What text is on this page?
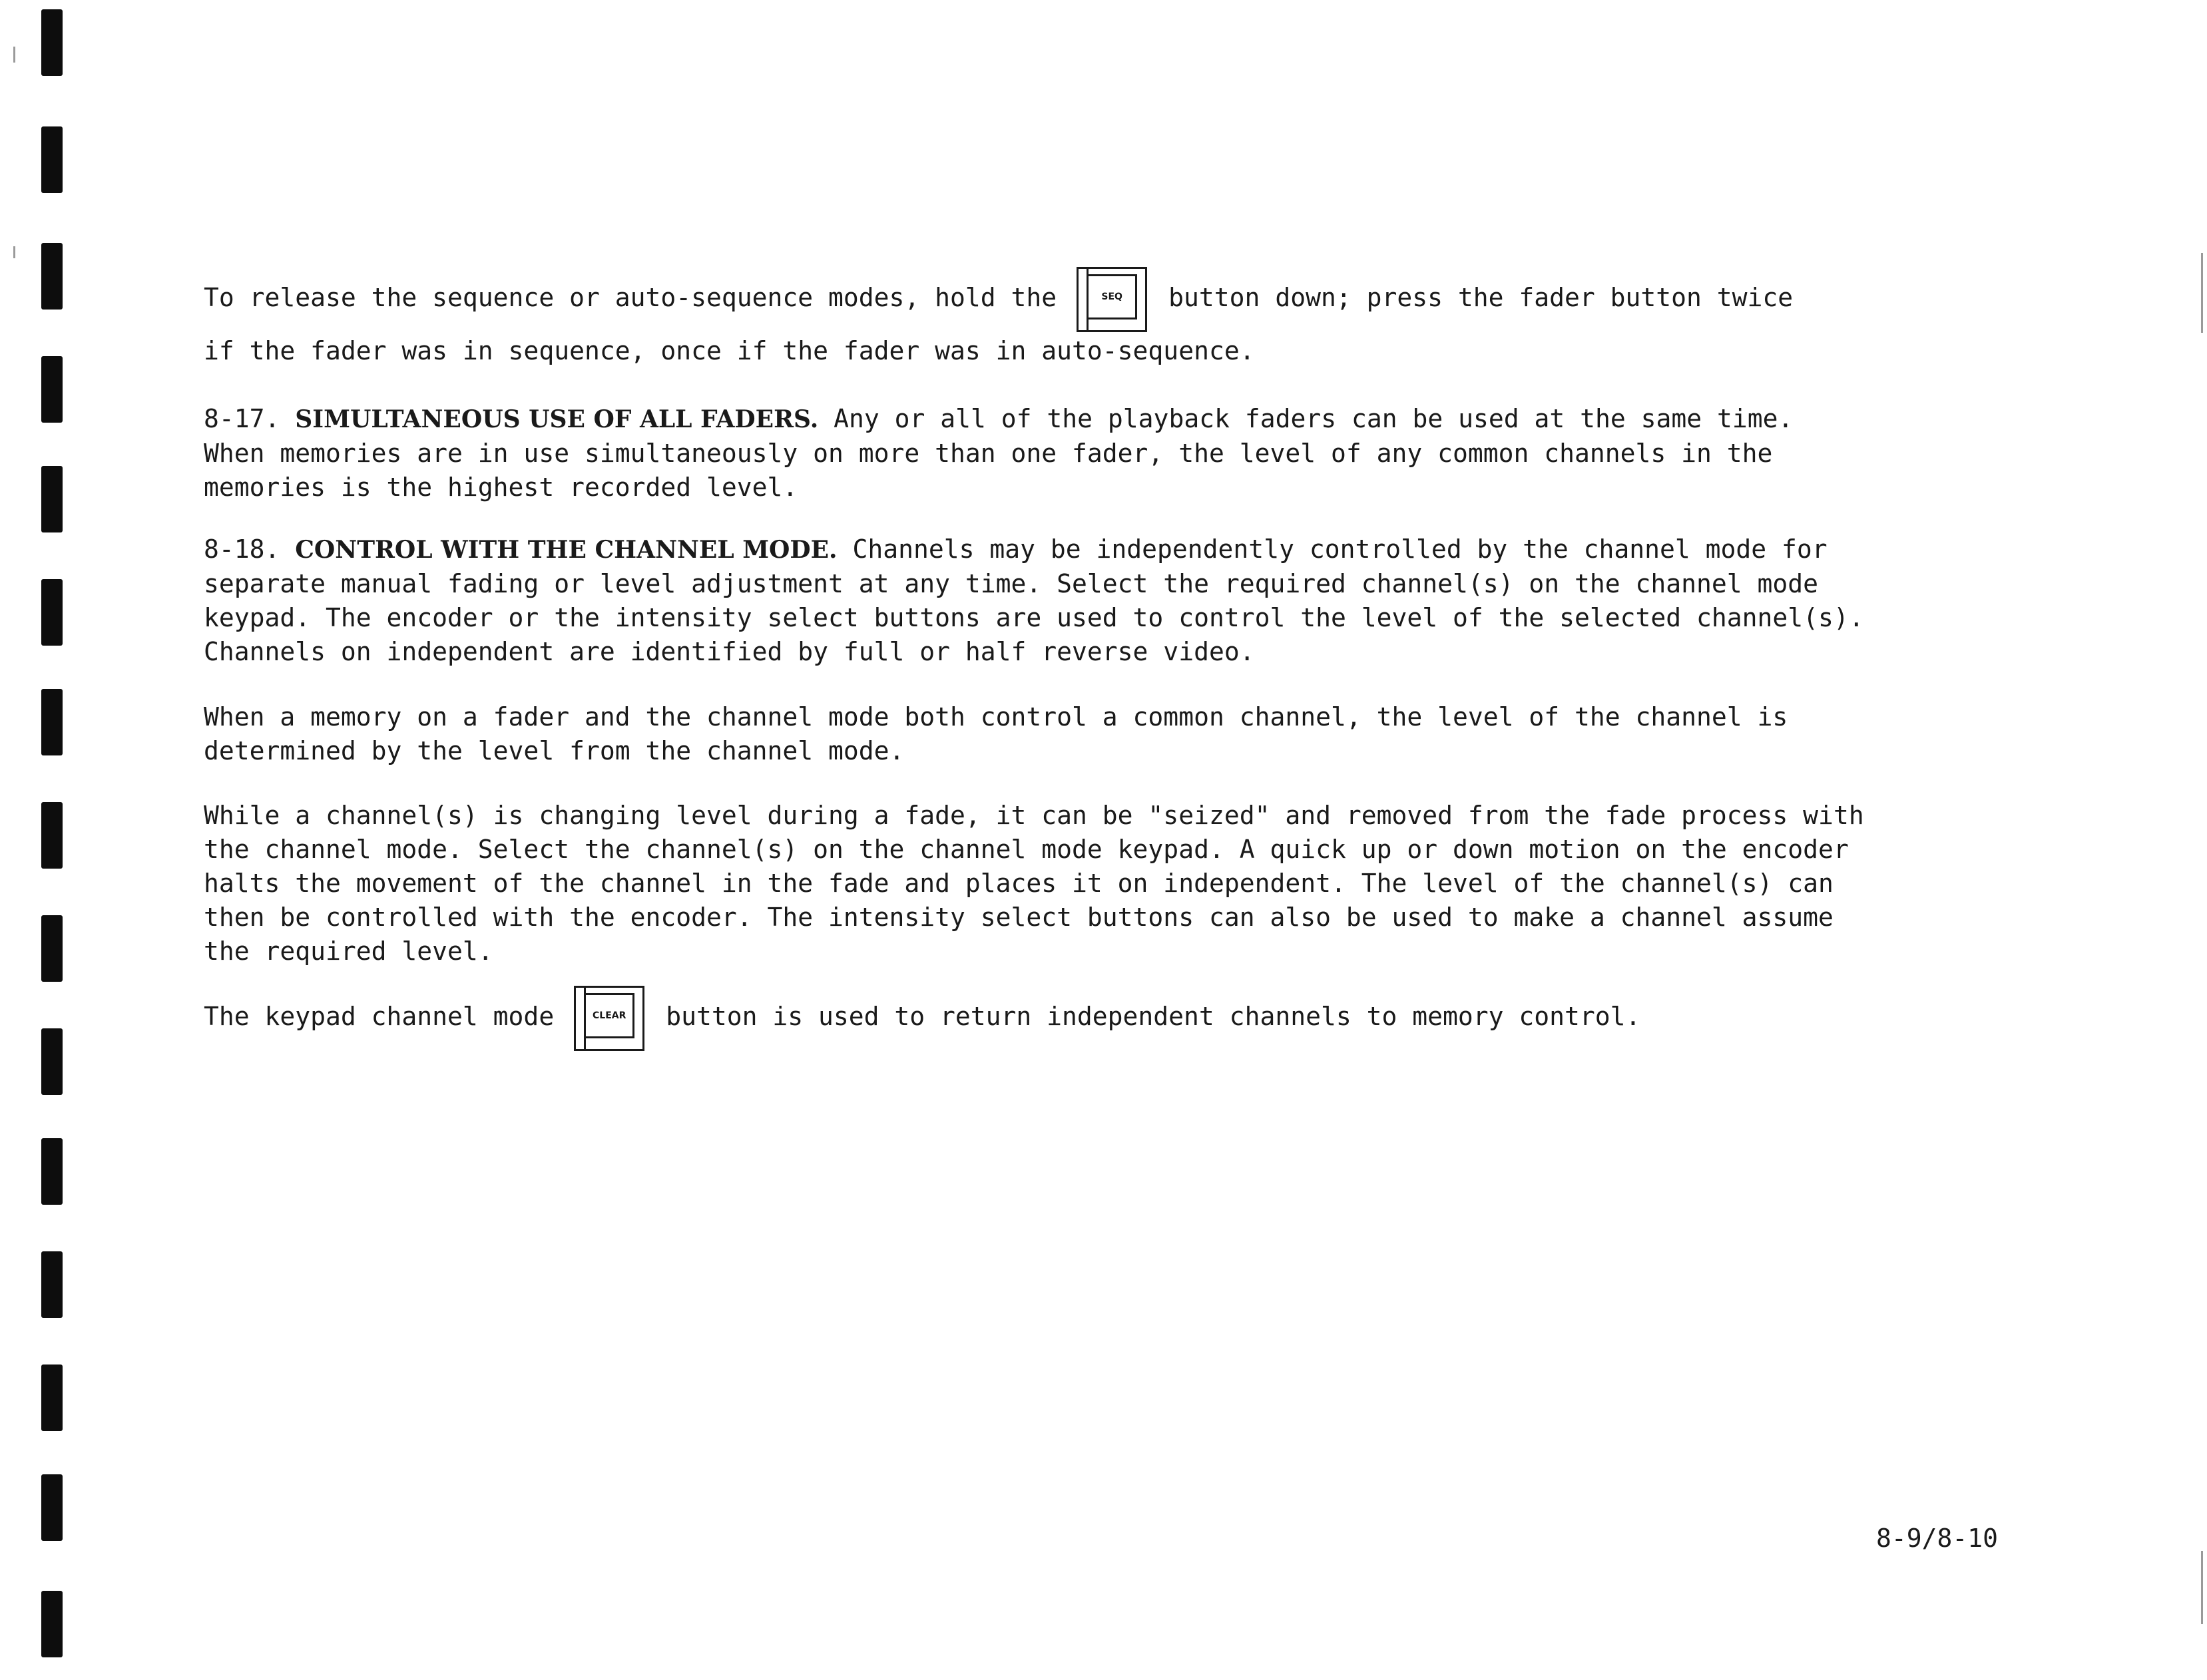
To release the sequence or auto-sequence modes, hold the	SEQ	button down; press the fader button twice
if the fader was in sequence, once if the fader was in auto-sequence.
8-17. SIMULTANEOUS USE OF ALL FADERS. Any or all of the playback faders can be used at the same time.
When memories are in use simultaneously on more than one fader, the level of any common channels in the
memories is the highest recorded level.
8-18. CONTROL WITH THE CHANNEL MODE. Channels may be independently controlled by the channel mode for
separate manual fading or level adjustment at any time. Select the required channel(s) on the channel mode
keypad. The encoder or the intensity select buttons are used to control the level of the selected channel(s).
Channels on independent are identified by full or half reverse video.
When a memory on a fader and the channel mode both control a common channel, the level of the channel is
determined by the level from the channel mode.
While a channel(s) is changing level during a fade, it can be "seized" and removed from the fade process with
the channel mode. Select the channel(s) on the channel mode keypad. A quick up or down motion on the encoder
halts the movement of the channel in the fade and places it on independent. The level of the channel(s) can
then be controlled with the encoder. The intensity select buttons can also be used to make a channel assume
the required level.
The keypad channel mode	CLEAR	button is used to return independent channels to memory control.
8-9/8-10
